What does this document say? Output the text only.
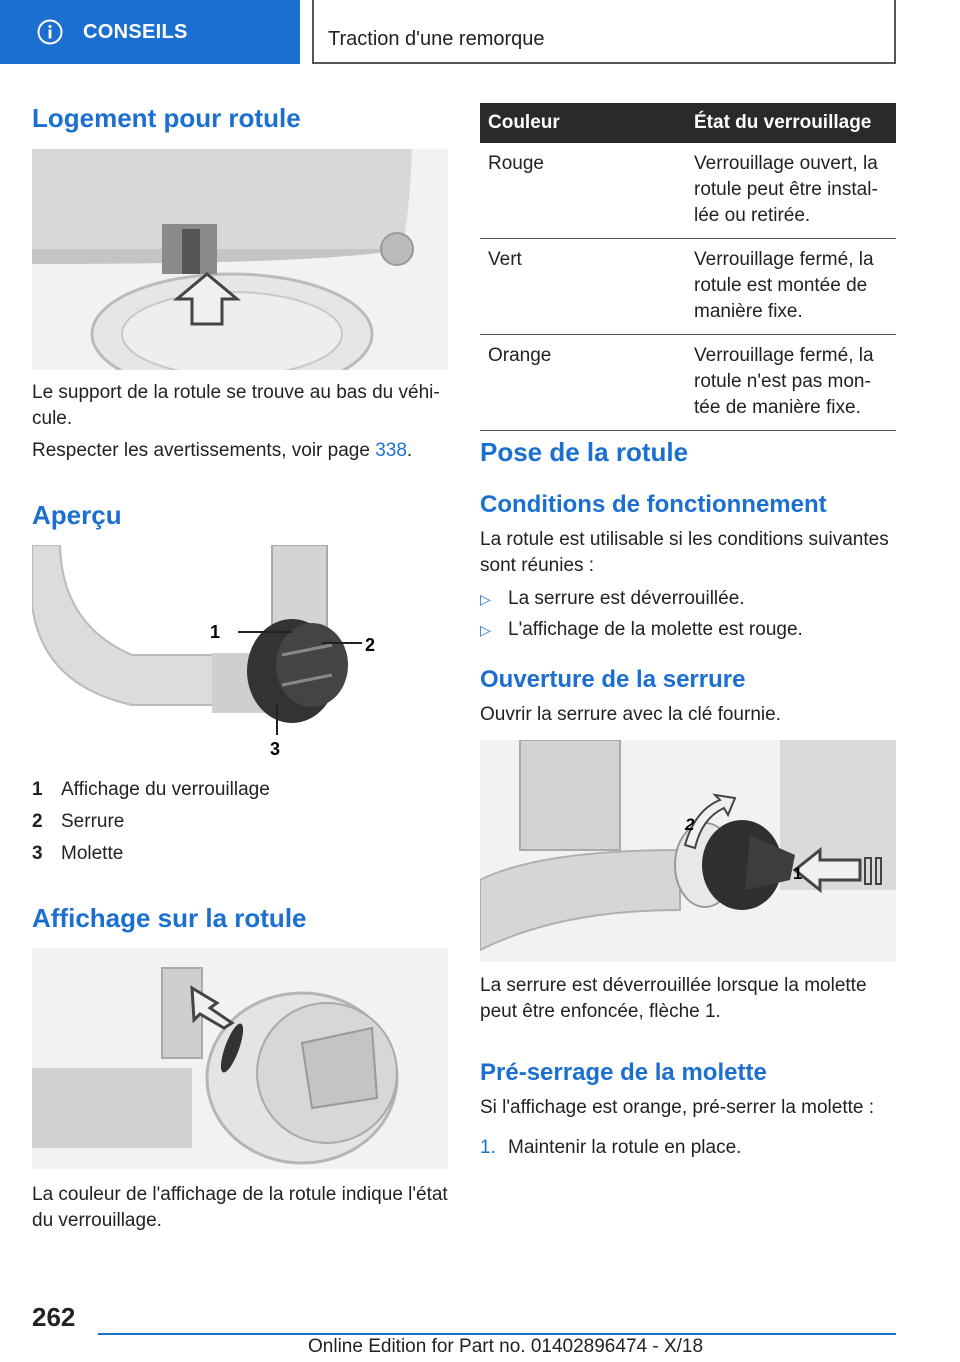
CONSEILS	Traction d'une remorque
Logement pour rotule

Le support de la rotule se trouve au bas du véhi-cule.

Respecter les avertissements, voir page 338.

Aperçu
1
2
3
1 Affichage du verrouillage
2 Serrure
3 Molette
Affichage sur la rotule

La couleur de l'affichage de la rotule indique l'état du verrouillage.

Couleur	État du verrouillage
Rouge	Verrouillage ouvert, la rotule peut être instal-lée ou retirée.
Vert	Verrouillage fermé, la rotule est montée de manière fixe.
Orange	Verrouillage fermé, la rotule n'est pas mon-tée de manière fixe.
Pose de la rotule
Conditions de fonctionnement

La rotule est utilisable si les conditions suivantes sont réunies :

▷ La serrure est déverrouillée.
▷ L'affichage de la molette est rouge.
Ouverture de la serrure

Ouvrir la serrure avec la clé fournie.

2
1

La serrure est déverrouillée lorsque la molette peut être enfoncée, flèche 1.

Pré-serrage de la molette

Si l'affichage est orange, pré-serrer la molette :

1. Maintenir la rotule en place.
262
Online Edition for Part no. 01402896474 - X/18
